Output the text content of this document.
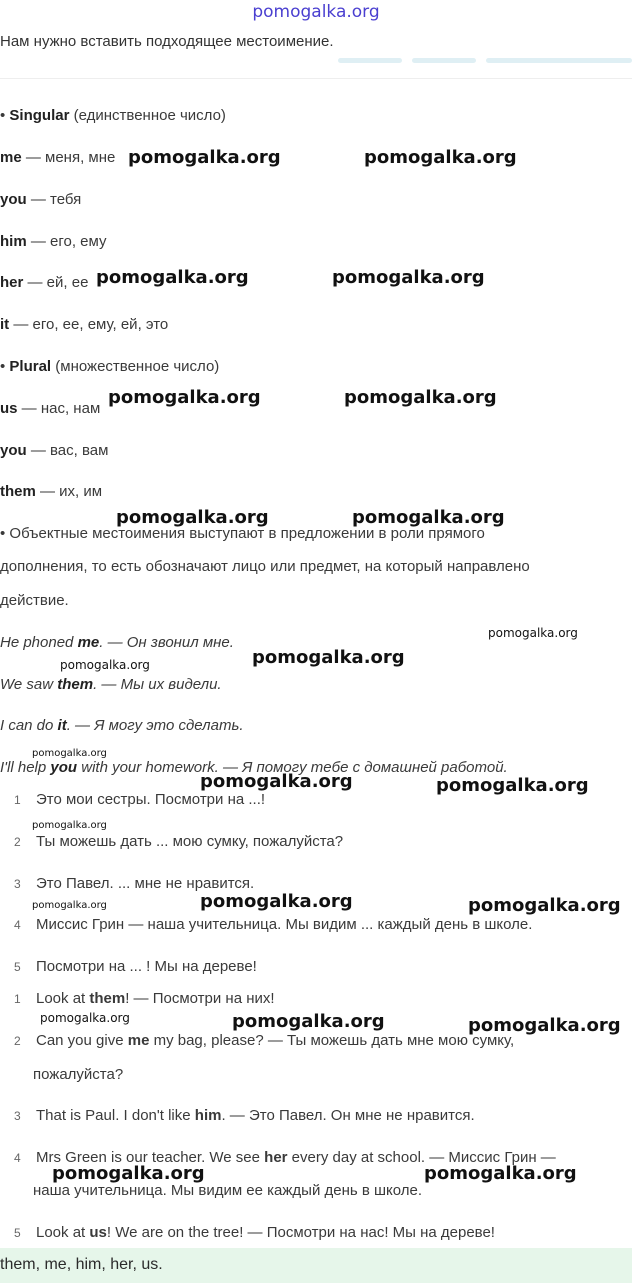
pomogalka.org
Нам нужно вставить подходящее местоимение.
• Singular (единственное число)
me — меня, мне
you — тебя
him — его, ему
her — ей, ее
it — его, ее, ему, ей, это
• Plural (множественное число)
us — нас, нам
you — вас, вам
them — их, им
• Объектные местоимения выступают в предложении в роли прямого
дополнения, то есть обозначают лицо или предмет, на который направлено
действие.
He phoned me. — Он звонил мне.
We saw them. — Мы их видели.
I can do it. — Я могу это сделать.
I'll help you with your homework. — Я помогу тебе с домашней работой.
1 Это мои сестры. Посмотри на ...!
2 Ты можешь дать ... мою сумку, пожалуйста?
3 Это Павел. ... мне не нравится.
4 Миссис Грин — наша учительница. Мы видим ... каждый день в школе.
5 Посмотри на ... ! Мы на дереве!
1 Look at them! — Посмотри на них!
2 Can you give me my bag, please? — Ты можешь дать мне мою сумку,
пожалуйста?
3 That is Paul. I don't like him. — Это Павел. Он мне не нравится.
4 Mrs Green is our teacher. We see her every day at school. — Миссис Грин —
наша учительница. Мы видим ее каждый день в школе.
5 Look at us! We are on the tree! — Посмотри на нас! Мы на дереве!
them, me, him, her, us.
pomogalka.org	pomogalka.org
pomogalka.org	pomogalka.org
pomogalka.org	pomogalka.org
pomogalka.org	pomogalka.org
pomogalka.org
pomogalka.org
pomogalka.org
pomogalka.org
pomogalka.org	pomogalka.org
pomogalka.org
pomogalka.org
pomogalka.org	pomogalka.org
pomogalka.org	pomogalka.org	pomogalka.org
pomogalka.org	pomogalka.org
